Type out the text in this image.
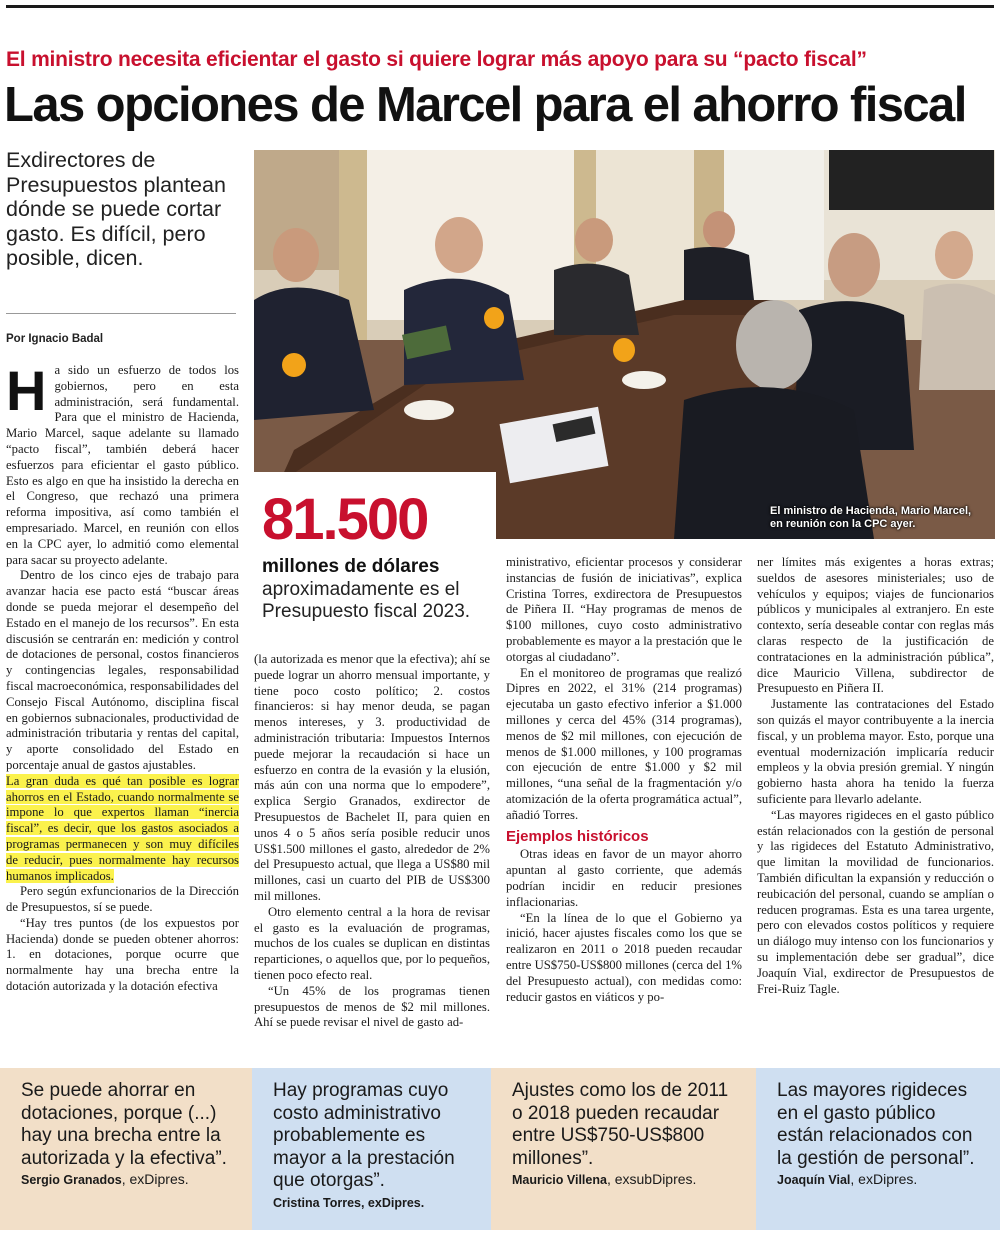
El ministro necesita eficientar el gasto si quiere lograr más apoyo para su “pacto fiscal”
Las opciones de Marcel para el ahorro fiscal
Exdirectores de Presupuestos plantean dónde se puede cortar gasto. Es difícil, pero posible, dicen.
Por Ignacio Badal
El ministro de Hacienda, Mario Marcel, en reunión con la CPC ayer.
81.500
millones de dólares
aproximadamente es el Presupuesto fiscal 2023.

Ha sido un esfuerzo de todos los gobiernos, pero en esta administración, será fundamental. Para que el ministro de Hacienda, Mario Marcel, saque adelante su llamado “pacto fiscal”, también deberá hacer esfuerzos para eficientar el gasto público. Esto es algo en que ha insistido la derecha en el Congreso, que rechazó una primera reforma impositiva, así como también el empresariado. Marcel, en reunión con ellos en la CPC ayer, lo admitió como elemental para sacar su proyecto adelante.

Dentro de los cinco ejes de trabajo para avanzar hacia ese pacto está “buscar áreas donde se pueda mejorar el desempeño del Estado en el manejo de los recursos”. En esta discusión se centrarán en: medición y control de dotaciones de personal, costos financieros y contingencias legales, responsabilidad fiscal macroeconómica, responsabilidades del Consejo Fiscal Autónomo, disciplina fiscal en gobiernos subnacionales, productividad de administración tributaria y rentas del capital, y aporte consolidado del Estado en porcentaje anual de gastos ajustables.

La gran duda es qué tan posible es lograr ahorros en el Estado, cuando normalmente se impone lo que expertos llaman “inercia fiscal”, es decir, que los gastos asociados a programas permanecen y son muy difíciles de reducir, pues normalmente hay recursos humanos implicados.

Pero según exfuncionarios de la Dirección de Presupuestos, sí se puede.

“Hay tres puntos (de los expuestos por Hacienda) donde se pueden obtener ahorros: 1. en dotaciones, porque ocurre que normalmente hay una brecha entre la dotación autorizada y la dotación efectiva

(la autorizada es menor que la efectiva); ahí se puede lograr un ahorro mensual importante, y tiene poco costo político; 2. costos financieros: si hay menor deuda, se pagan menos intereses, y 3. productividad de administración tributaria: Impuestos Internos puede mejorar la recaudación si hace un esfuerzo en contra de la evasión y la elusión, más aún con una norma que lo empodere”, explica Sergio Granados, exdirector de Presupuestos de Bachelet II, para quien en unos 4 o 5 años sería posible reducir unos US$1.500 millones el gasto, alrededor de 2% del Presupuesto actual, que llega a US$80 mil millones, casi un cuarto del PIB de US$300 mil millones.

Otro elemento central a la hora de revisar el gasto es la evaluación de programas, muchos de los cuales se duplican en distintas reparticiones, o aquellos que, por lo pequeños, tienen poco efecto real.

“Un 45% de los programas tienen presupuestos de menos de $2 mil millones. Ahí se puede revisar el nivel de gasto ad-

ministrativo, eficientar procesos y considerar instancias de fusión de iniciativas”, explica Cristina Torres, exdirectora de Presupuestos de Piñera II. “Hay programas de menos de $100 millones, cuyo costo administrativo probablemente es mayor a la prestación que le otorgas al ciudadano”.

En el monitoreo de programas que realizó Dipres en 2022, el 31% (214 programas) ejecutaba un gasto efectivo inferior a $1.000 millones y cerca del 45% (314 programas), menos de $2 mil millones, con ejecución de menos de $1.000 millones, y 100 programas con ejecución de entre $1.000 y $2 mil millones, “una señal de la fragmentación y/o atomización de la oferta programática actual”, añadió Torres.

Ejemplos históricos

Otras ideas en favor de un mayor ahorro apuntan al gasto corriente, que además podrían incidir en reducir presiones inflacionarias.

“En la línea de lo que el Gobierno ya inició, hacer ajustes fiscales como los que se realizaron en 2011 o 2018 pueden recaudar entre US$750-US$800 millones (cerca del 1% del Presupuesto actual), con medidas como: reducir gastos en viáticos y po-

ner límites más exigentes a horas extras; sueldos de asesores ministeriales; uso de vehículos y equipos; viajes de funcionarios públicos y municipales al extranjero. En este contexto, sería deseable contar con reglas más claras respecto de la justificación de contrataciones en la administración pública”, dice Mauricio Villena, subdirector de Presupuesto en Piñera II.

Justamente las contrataciones del Estado son quizás el mayor contribuyente a la inercia fiscal, y un problema mayor. Esto, porque una eventual modernización implicaría reducir empleos y la obvia presión gremial. Y ningún gobierno hasta ahora ha tenido la fuerza suficiente para llevarlo adelante.

“Las mayores rigideces en el gasto público están relacionados con la gestión de personal y las rigideces del Estatuto Administrativo, que limitan la movilidad de funcionarios. También dificultan la expansión y reducción o reubicación del personal, cuando se amplían o reducen programas. Esta es una tarea urgente, pero con elevados costos políticos y requiere un diálogo muy intenso con los funcionarios y su implementación debe ser gradual”, dice Joaquín Vial, exdirector de Presupuestos de Frei-Ruiz Tagle.

Se puede ahorrar en dotaciones, porque (...) hay una brecha entre la autorizada y la efectiva”.
Sergio Granados, exDipres.
Hay programas cuyo costo administrativo probablemente es mayor a la prestación que otorgas”.
Cristina Torres, exDipres.
Ajustes como los de 2011 o 2018 pueden recaudar entre US$750-US$800 millones”.
Mauricio Villena, exsubDipres.
Las mayores rigideces en el gasto público están relacionados con la gestión de personal”.
Joaquín Vial, exDipres.
